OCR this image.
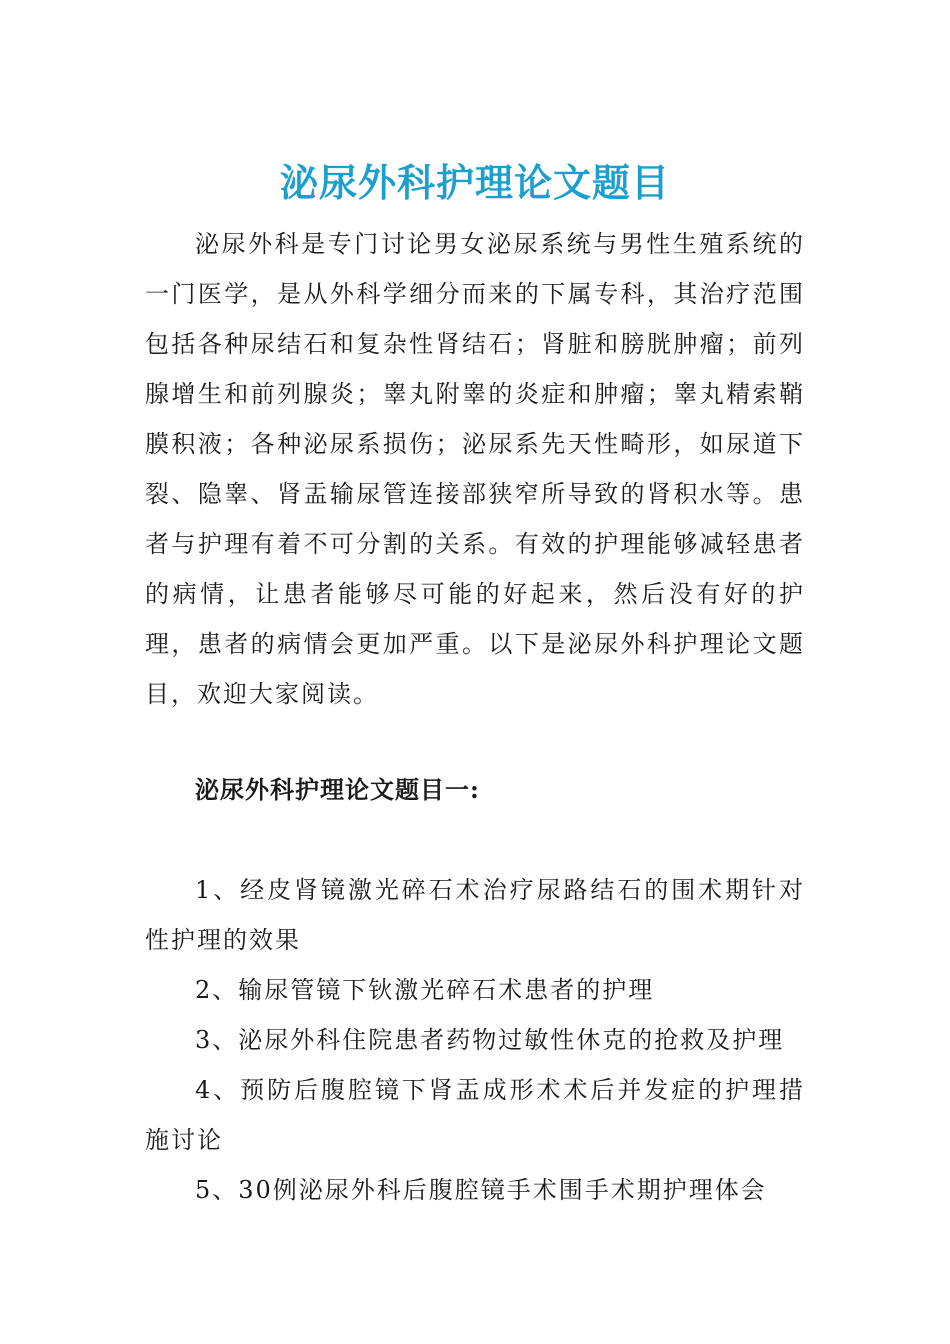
泌尿外科护理论文题目

泌尿外科是专门讨论男女泌尿系统与男性生殖系统的一门医学，是从外科学细分而来的下属专科，其治疗范围包括各种尿结石和复杂性肾结石；肾脏和膀胱肿瘤；前列腺增生和前列腺炎；睾丸附睾的炎症和肿瘤；睾丸精索鞘膜积液；各种泌尿系损伤；泌尿系先天性畸形，如尿道下裂、隐睾、肾盂输尿管连接部狭窄所导致的肾积水等。患者与护理有着不可分割的关系。有效的护理能够减轻患者的病情，让患者能够尽可能的好起来，然后没有好的护理，患者的病情会更加严重。以下是泌尿外科护理论文题目，欢迎大家阅读。

泌尿外科护理论文题目一:
1、经皮肾镜激光碎石术治疗尿路结石的围术期针对性护理的效果
2、输尿管镜下钬激光碎石术患者的护理
3、泌尿外科住院患者药物过敏性休克的抢救及护理
4、预防后腹腔镜下肾盂成形术术后并发症的护理措施讨论
5、30例泌尿外科后腹腔镜手术围手术期护理体会
